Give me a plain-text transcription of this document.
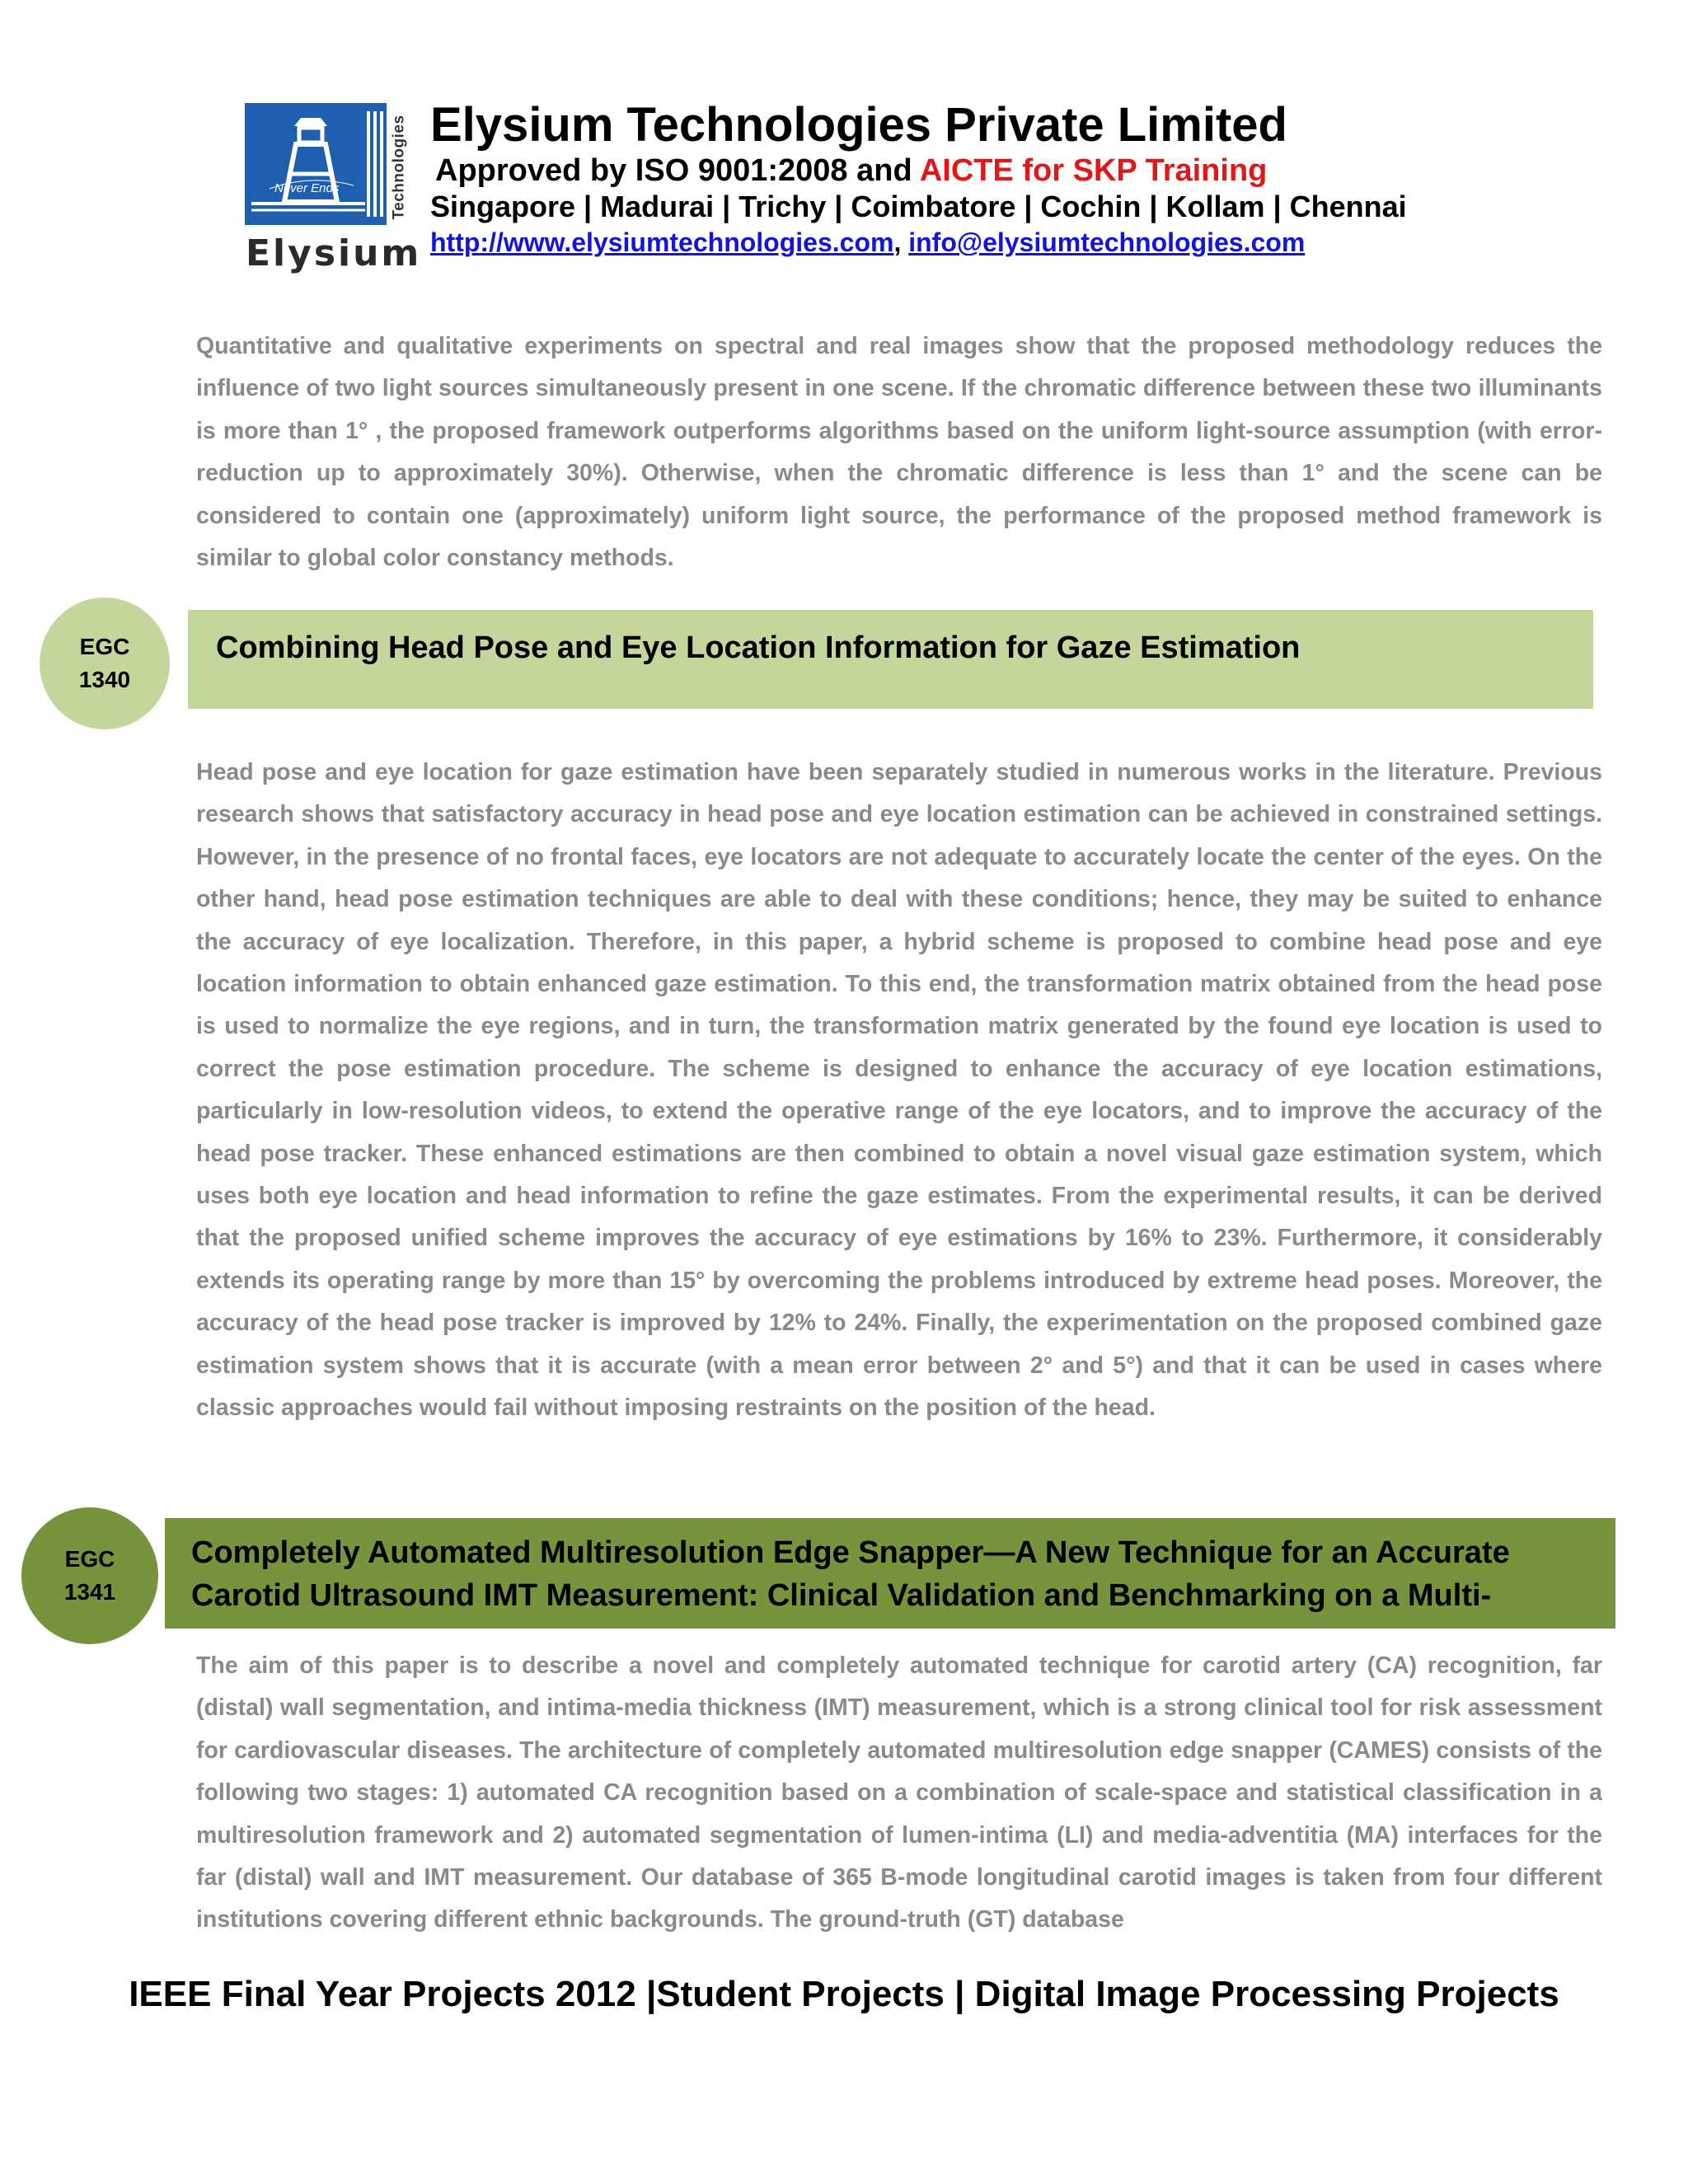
Never Ends	Technologies
Elysium
Elysium Technologies Private Limited
Approved by ISO 9001:2008 and AICTE for SKP Training
Singapore | Madurai | Trichy | Coimbatore | Cochin | Kollam | Chennai
http://www.elysiumtechnologies.com, info@elysiumtechnologies.com

Quantitative and qualitative experiments on spectral and real images show that the proposed methodology reduces the influence of two light sources simultaneously present in one scene. If the chromatic difference between these two illuminants is more than 1° , the proposed framework outperforms algorithms based on the uniform light-source assumption (with error-reduction up to approximately 30%). Otherwise, when the chromatic difference is less than 1° and the scene can be considered to contain one (approximately) uniform light source, the performance of the proposed method framework is similar to global color constancy methods.

EGC
1340
Combining Head Pose and Eye Location Information for Gaze Estimation

Head pose and eye location for gaze estimation have been separately studied in numerous works in the literature. Previous research shows that satisfactory accuracy in head pose and eye location estimation can be achieved in constrained settings. However, in the presence of no frontal faces, eye locators are not adequate to accurately locate the center of the eyes. On the other hand, head pose estimation techniques are able to deal with these conditions; hence, they may be suited to enhance the accuracy of eye localization. Therefore, in this paper, a hybrid scheme is proposed to combine head pose and eye location information to obtain enhanced gaze estimation. To this end, the transformation matrix obtained from the head pose is used to normalize the eye regions, and in turn, the transformation matrix generated by the found eye location is used to correct the pose estimation procedure. The scheme is designed to enhance the accuracy of eye location estimations, particularly in low-resolution videos, to extend the operative range of the eye locators, and to improve the accuracy of the head pose tracker. These enhanced estimations are then combined to obtain a novel visual gaze estimation system, which uses both eye location and head information to refine the gaze estimates. From the experimental results, it can be derived that the proposed unified scheme improves the accuracy of eye estimations by 16% to 23%. Furthermore, it considerably extends its operating range by more than 15° by overcoming the problems introduced by extreme head poses. Moreover, the accuracy of the head pose tracker is improved by 12% to 24%. Finally, the experimentation on the proposed combined gaze estimation system shows that it is accurate (with a mean error between 2° and 5°) and that it can be used in cases where classic approaches would fail without imposing restraints on the position of the head.

EGC
1341
Completely Automated Multiresolution Edge Snapper—A New Technique for an Accurate Carotid Ultrasound IMT Measurement: Clinical Validation and Benchmarking on a Multi-

The aim of this paper is to describe a novel and completely automated technique for carotid artery (CA) recognition, far (distal) wall segmentation, and intima-media thickness (IMT) measurement, which is a strong clinical tool for risk assessment for cardiovascular diseases. The architecture of completely automated multiresolution edge snapper (CAMES) consists of the following two stages: 1) automated CA recognition based on a combination of scale-space and statistical classification in a multiresolution framework and 2) automated segmentation of lumen-intima (LI) and media-adventitia (MA) interfaces for the far (distal) wall and IMT measurement. Our database of 365 B-mode longitudinal carotid images is taken from four different institutions covering different ethnic backgrounds. The ground-truth (GT) database

IEEE Final Year Projects 2012 |Student Projects | Digital Image Processing Projects
